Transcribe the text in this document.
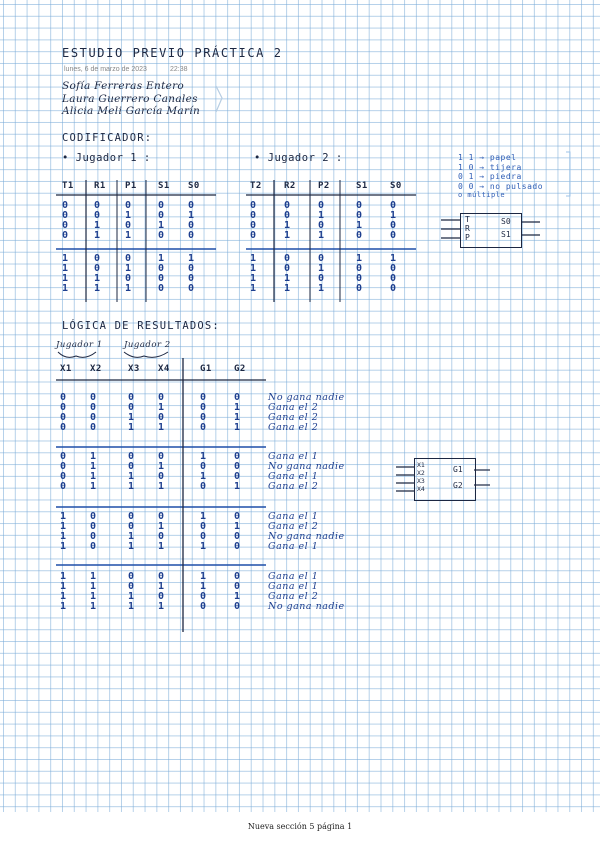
ESTUDIO PREVIO PRÁCTICA 2
lunes, 6 de marzo de 2023	22:38
Sofía Ferreras Entero
Laura Guerrero Canales
Alicia Meli García Marín
CODIFICADOR:
• Jugador 1 :	• Jugador 2 :
T1 R1 P1 S1 S0
0	0 0	0 0
0	0 1	0 1
0	1 0	1 0
0	1 1	0 0
1	0 0	1 1
1	0 1	0 0
1	1 0	0 0
1	1 1	0 0
T2 R2 P2	S1 S0
0	0	0	0	0
0	0	1	0	1
0	1	0	1	0
0	1	1	0	0
1	0	0	1	1
1	0	1	0	0
1	1	0	0	0
1	1	1	0	0
1 1 → papel
1 0 → tijera
0 1 → piedra
0 0 → no pulsado
o múltiple
T
R
P
S0
S1
LÓGICA DE RESULTADOS:
Jugador 1	Jugador 2
X1 X2	X3 X4	G1 G2
0 0	0 0	0	0	No gana nadie
0 0	0 1	0	1	Gana el 2
0 0	1 0	0	1	Gana el 2
0 0	1 1	0	1	Gana el 2
0 1	0 0	1	0	Gana el 1
0 1	0 1	0	0	No gana nadie
0 1	1 0	1	0	Gana el 1
0 1	1 1	0	1	Gana el 2
1 0	0 0	1	0	Gana el 1
1 0	0 1	0	1	Gana el 2
1 0	1 0	0	0	No gana nadie
1 0	1 1	1	0	Gana el 1
1 1	0 0	1	0	Gana el 1
1 1	0 1	1	0	Gana el 1
1 1	1 0	0	1	Gana el 2
1 1	1 1	0	0	No gana nadie
X1
X2
X3
X4
G1
G2
Nueva sección 5 página 1
